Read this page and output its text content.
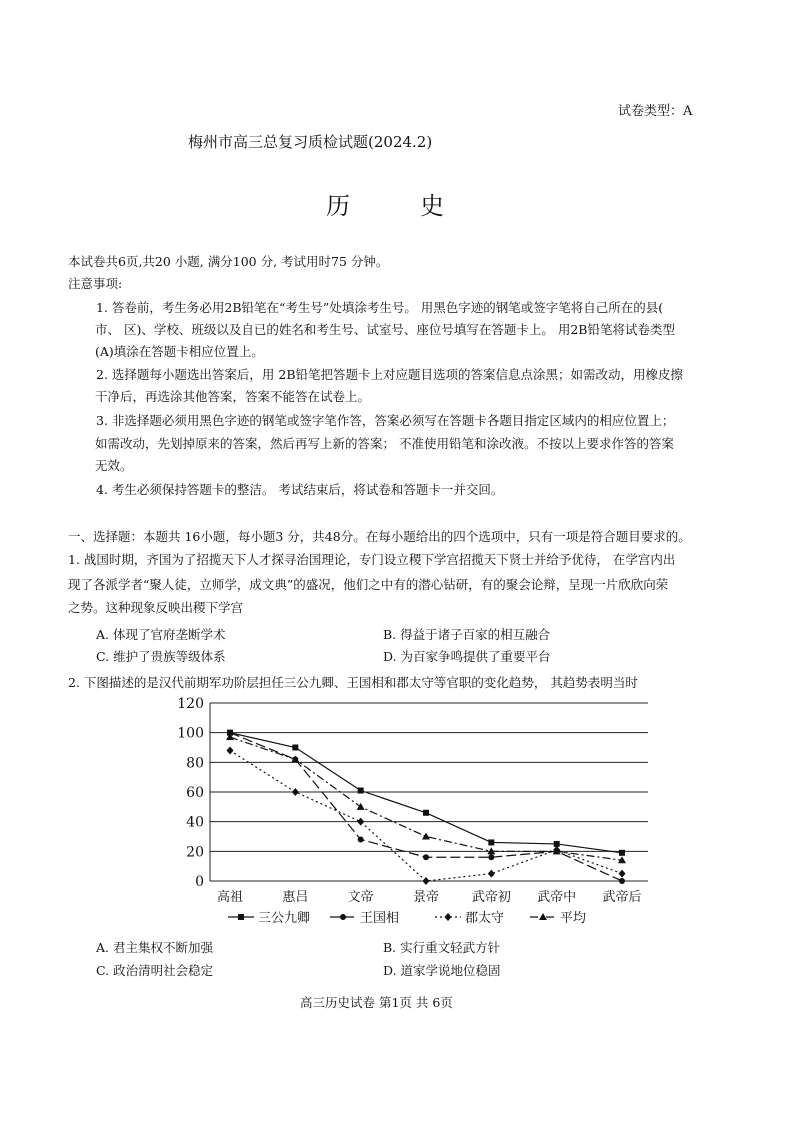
试卷类型：A
梅州市高三总复习质检试题(2024.2)
历史
本试卷共6页,共20 小题, 满分100 分, 考试用时75 分钟。
注意事项:
1. 答卷前，考生务必用2B铅笔在“考生号”处填涂考生号。 用黑色字迹的钢笔或签字笔将自己所在的县(
市、 区)、学校、班级以及自已的姓名和考生号、试室号、座位号填写在答题卡上。 用2B铅笔将试卷类型
(A)填涂在答题卡相应位置上。
2. 选择题每小题选出答案后，用 2B铅笔把答题卡上对应题目选项的答案信息点涂黑；如需改动，用橡皮擦
干净后，再选涂其他答案，答案不能答在试卷上。
3. 非选择题必须用黑色字迹的钢笔或签字笔作答，答案必须写在答题卡各题目指定区域内的相应位置上；
如需改动，先划掉原来的答案，然后再写上新的答案； 不准使用铅笔和涂改液。不按以上要求作答的答案
无效。
4. 考生必须保持答题卡的整洁。 考试结束后，将试卷和答题卡一并交回。
一、选择题：本题共 16小题，每小题3 分，共48分。在每小题给出的四个选项中，只有一项是符合题目要求的。
1. 战国时期，齐国为了招揽天下人才探寻治国理论，专门设立稷下学宫招揽天下贤士并给予优待， 在学宫内出
现了各派学者“聚人徒，立师学，成文典”的盛况，他们之中有的潜心钻研，有的聚会论辩，呈现一片欣欣向荣
之势。这种现象反映出稷下学宫
A. 体现了官府垄断学术	B. 得益于诸子百家的相互融合
C. 维护了贵族等级体系	D. 为百家争鸣提供了重要平台
2. 下图描述的是汉代前期军功阶层担任三公九卿、王国相和郡太守等官职的变化趋势， 其趋势表明当时
0
20
40
60
80
100
120
高祖	惠吕	文帝	景帝	武帝初 武帝中 武帝后
三公九卿	王国相	郡太守	平均
A. 君主集权不断加强	B. 实行重文轻武方针
C. 政治清明社会稳定	D. 道家学说地位稳固
高三历史试卷 第1页 共 6页
